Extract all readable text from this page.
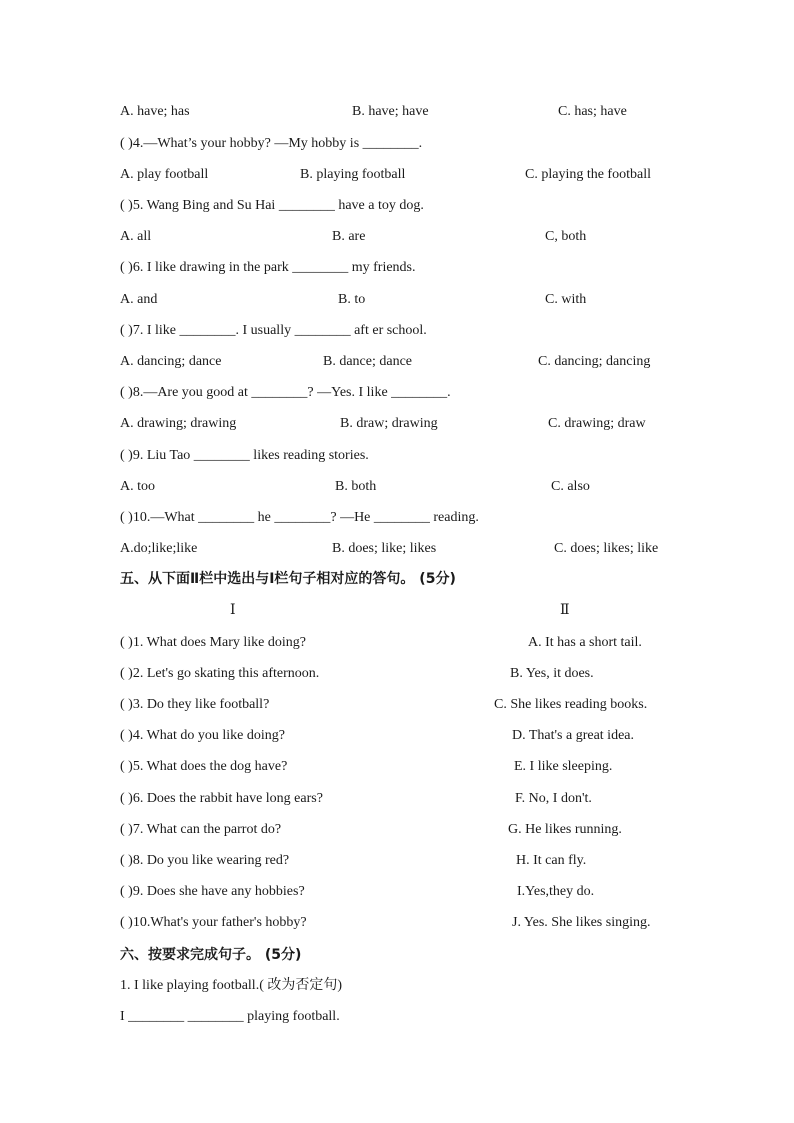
A. have; has	B. have; have	C. has; have
( )4.—What’s your hobby? —My hobby is ________.
A. play football	B. playing football	C. playing the football
( )5. Wang Bing and Su Hai ________ have a toy dog.
A. all	B. are	C, both
( )6. I like drawing in the park ________ my friends.
A. and	B. to	C. with
( )7. I like ________. I usually ________ aft er school.
A. dancing; dance	B. dance; dance	C. dancing; dancing
( )8.—Are you good at ________? —Yes. I like ________.
A. drawing; drawing	B. draw; drawing	C. drawing; draw
( )9. Liu Tao ________ likes reading stories.
A. too	B. both	C. also
( )10.—What ________ he ________? —He ________ reading.
A.do;like;like	B. does; like; likes	C. does; likes; like
五、从下面Ⅱ栏中选出与Ⅰ栏句子相对应的答句。 (5分)
Ⅰ	Ⅱ
( )1. What does Mary like doing?	A. It has a short tail.
( )2. Let's go skating this afternoon.	B. Yes, it does.
( )3. Do they like football?	C. She likes reading books.
( )4. What do you like doing?	D. That's a great idea.
( )5. What does the dog have?	E. I like sleeping.
( )6. Does the rabbit have long ears?	F. No, I don't.
( )7. What can the parrot do?	G. He likes running.
( )8. Do you like wearing red?	H. It can fly.
( )9. Does she have any hobbies?	I.Yes,they do.
( )10.What's your father's hobby?	J. Yes. She likes singing.
六、按要求完成句子。 (5分)
1. I like playing football.( 改为否定句)
I ________ ________ playing football.
